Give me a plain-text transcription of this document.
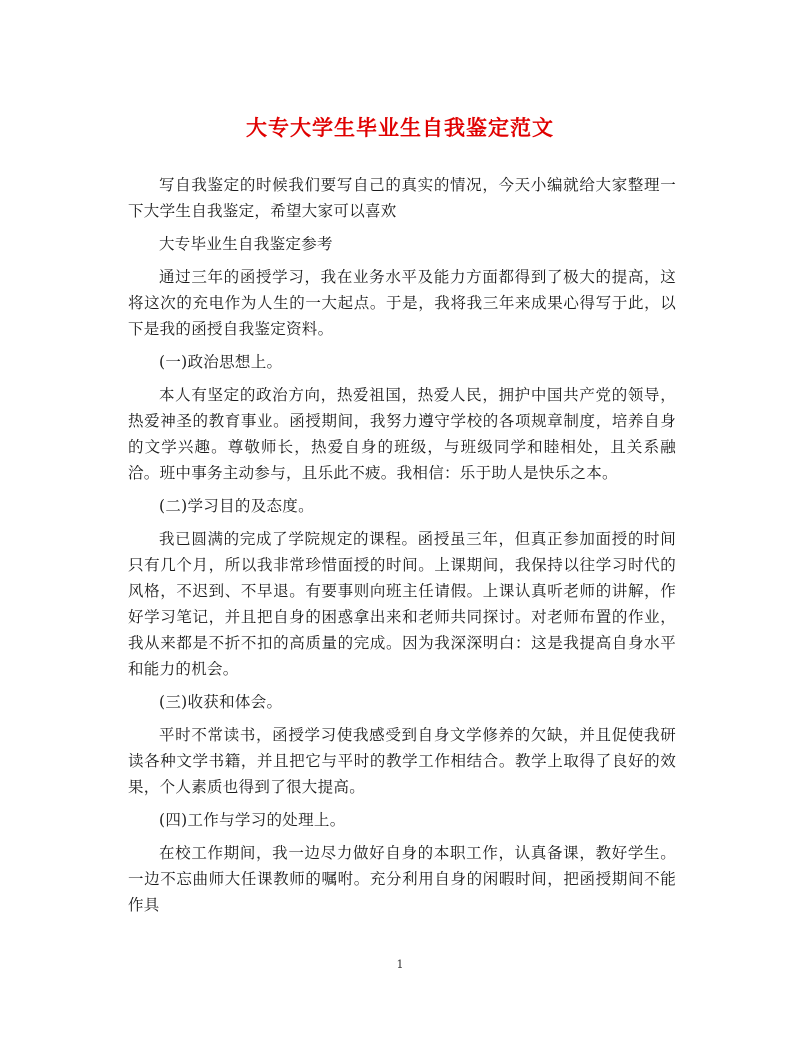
大专大学生毕业生自我鉴定范文

写自我鉴定的时候我们要写自己的真实的情况，今天小编就给大家整理一下大学生自我鉴定，希望大家可以喜欢

大专毕业生自我鉴定参考

通过三年的函授学习，我在业务水平及能力方面都得到了极大的提高，这将这次的充电作为人生的一大起点。于是，我将我三年来成果心得写于此，以下是我的函授自我鉴定资料。

(一)政治思想上。

本人有坚定的政治方向，热爱祖国，热爱人民，拥护中国共产党的领导，热爱神圣的教育事业。函授期间，我努力遵守学校的各项规章制度，培养自身的文学兴趣。尊敬师长，热爱自身的班级，与班级同学和睦相处，且关系融洽。班中事务主动参与，且乐此不疲。我相信：乐于助人是快乐之本。

(二)学习目的及态度。

我已圆满的完成了学院规定的课程。函授虽三年，但真正参加面授的时间只有几个月，所以我非常珍惜面授的时间。上课期间，我保持以往学习时代的风格，不迟到、不早退。有要事则向班主任请假。上课认真听老师的讲解，作好学习笔记，并且把自身的困惑拿出来和老师共同探讨。对老师布置的作业，我从来都是不折不扣的高质量的完成。因为我深深明白：这是我提高自身水平和能力的机会。

(三)收获和体会。

平时不常读书，函授学习使我感受到自身文学修养的欠缺，并且促使我研读各种文学书籍，并且把它与平时的教学工作相结合。教学上取得了良好的效果，个人素质也得到了很大提高。

(四)工作与学习的处理上。

在校工作期间，我一边尽力做好自身的本职工作，认真备课，教好学生。一边不忘曲师大任课教师的嘱咐。充分利用自身的闲暇时间，把函授期间不能作具

1
